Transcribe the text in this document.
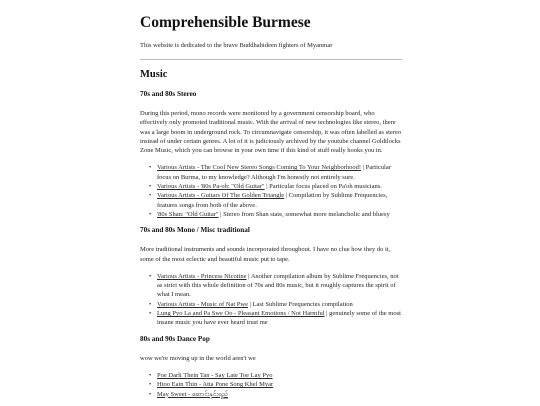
Comprehensible Burmese

This website is dedicated to the brave Buddhahideen fighters of Myanmar

Music
70s and 80s Stereo

During this period, mono records were monitored by a government censorship board, who effectively only promoted traditional music. With the arrival of new technologies like stereo, there was a large boom in underground rock. To circumnavigate censorship, it was often labelled as stereo instead of under certain genres. A lot of it is judiciously archived by the youtube channel Goldilocks Zone Music, which you can browse in your own time if this kind of stuff really hooks you in.

• Various Artists - The Cool New Stereo Songs Coming To Your Neighborhood! | Particular focus on Burma, to my knowledge? Although I'm honestly not entirely sure.
• Various Artists - '80s Pa-oh: "Old Guitar" | Particular focus placed on Pa'oh musicians.
• Various Artists - Guitars Of The Golden Triangle | Compilation by Sublime Frequencies, features songs from both of the above.
• '80s Shan: "Old Guitar" | Stereo from Shan state, somewhat more melancholic and bluesy
70s and 80s Mono / Misc traditional

More traditional instruments and sounds incorporated throughout. I have no clue how they do it, some of the most eclectic and beautiful music put to tape.

• Various Artists - Princess Nicotine | Another compilation album by Sublime Frequencies, not as strict with this whole definition of 70s and 80s music, but it roughly captures the spirit of what I mean.
• Various Artists - Music of Nat Pwe | Last Sublime Frequencies compilation
• Lung Pyo La and Pa Swe Oo - Pleasant Emotions / Not Harmful | genuinely some of the most insane music you have ever heard trust me
80s and 90s Dance Pop

wow we're moving up in the world aren't we

• Poe Darli Thein Tan - Say Late Toe Lay Pyo
• Htoo Eain Thin - Atta Pone Song Khel Myar
• May Sweet - ဆောင်းနှင်းရည်
